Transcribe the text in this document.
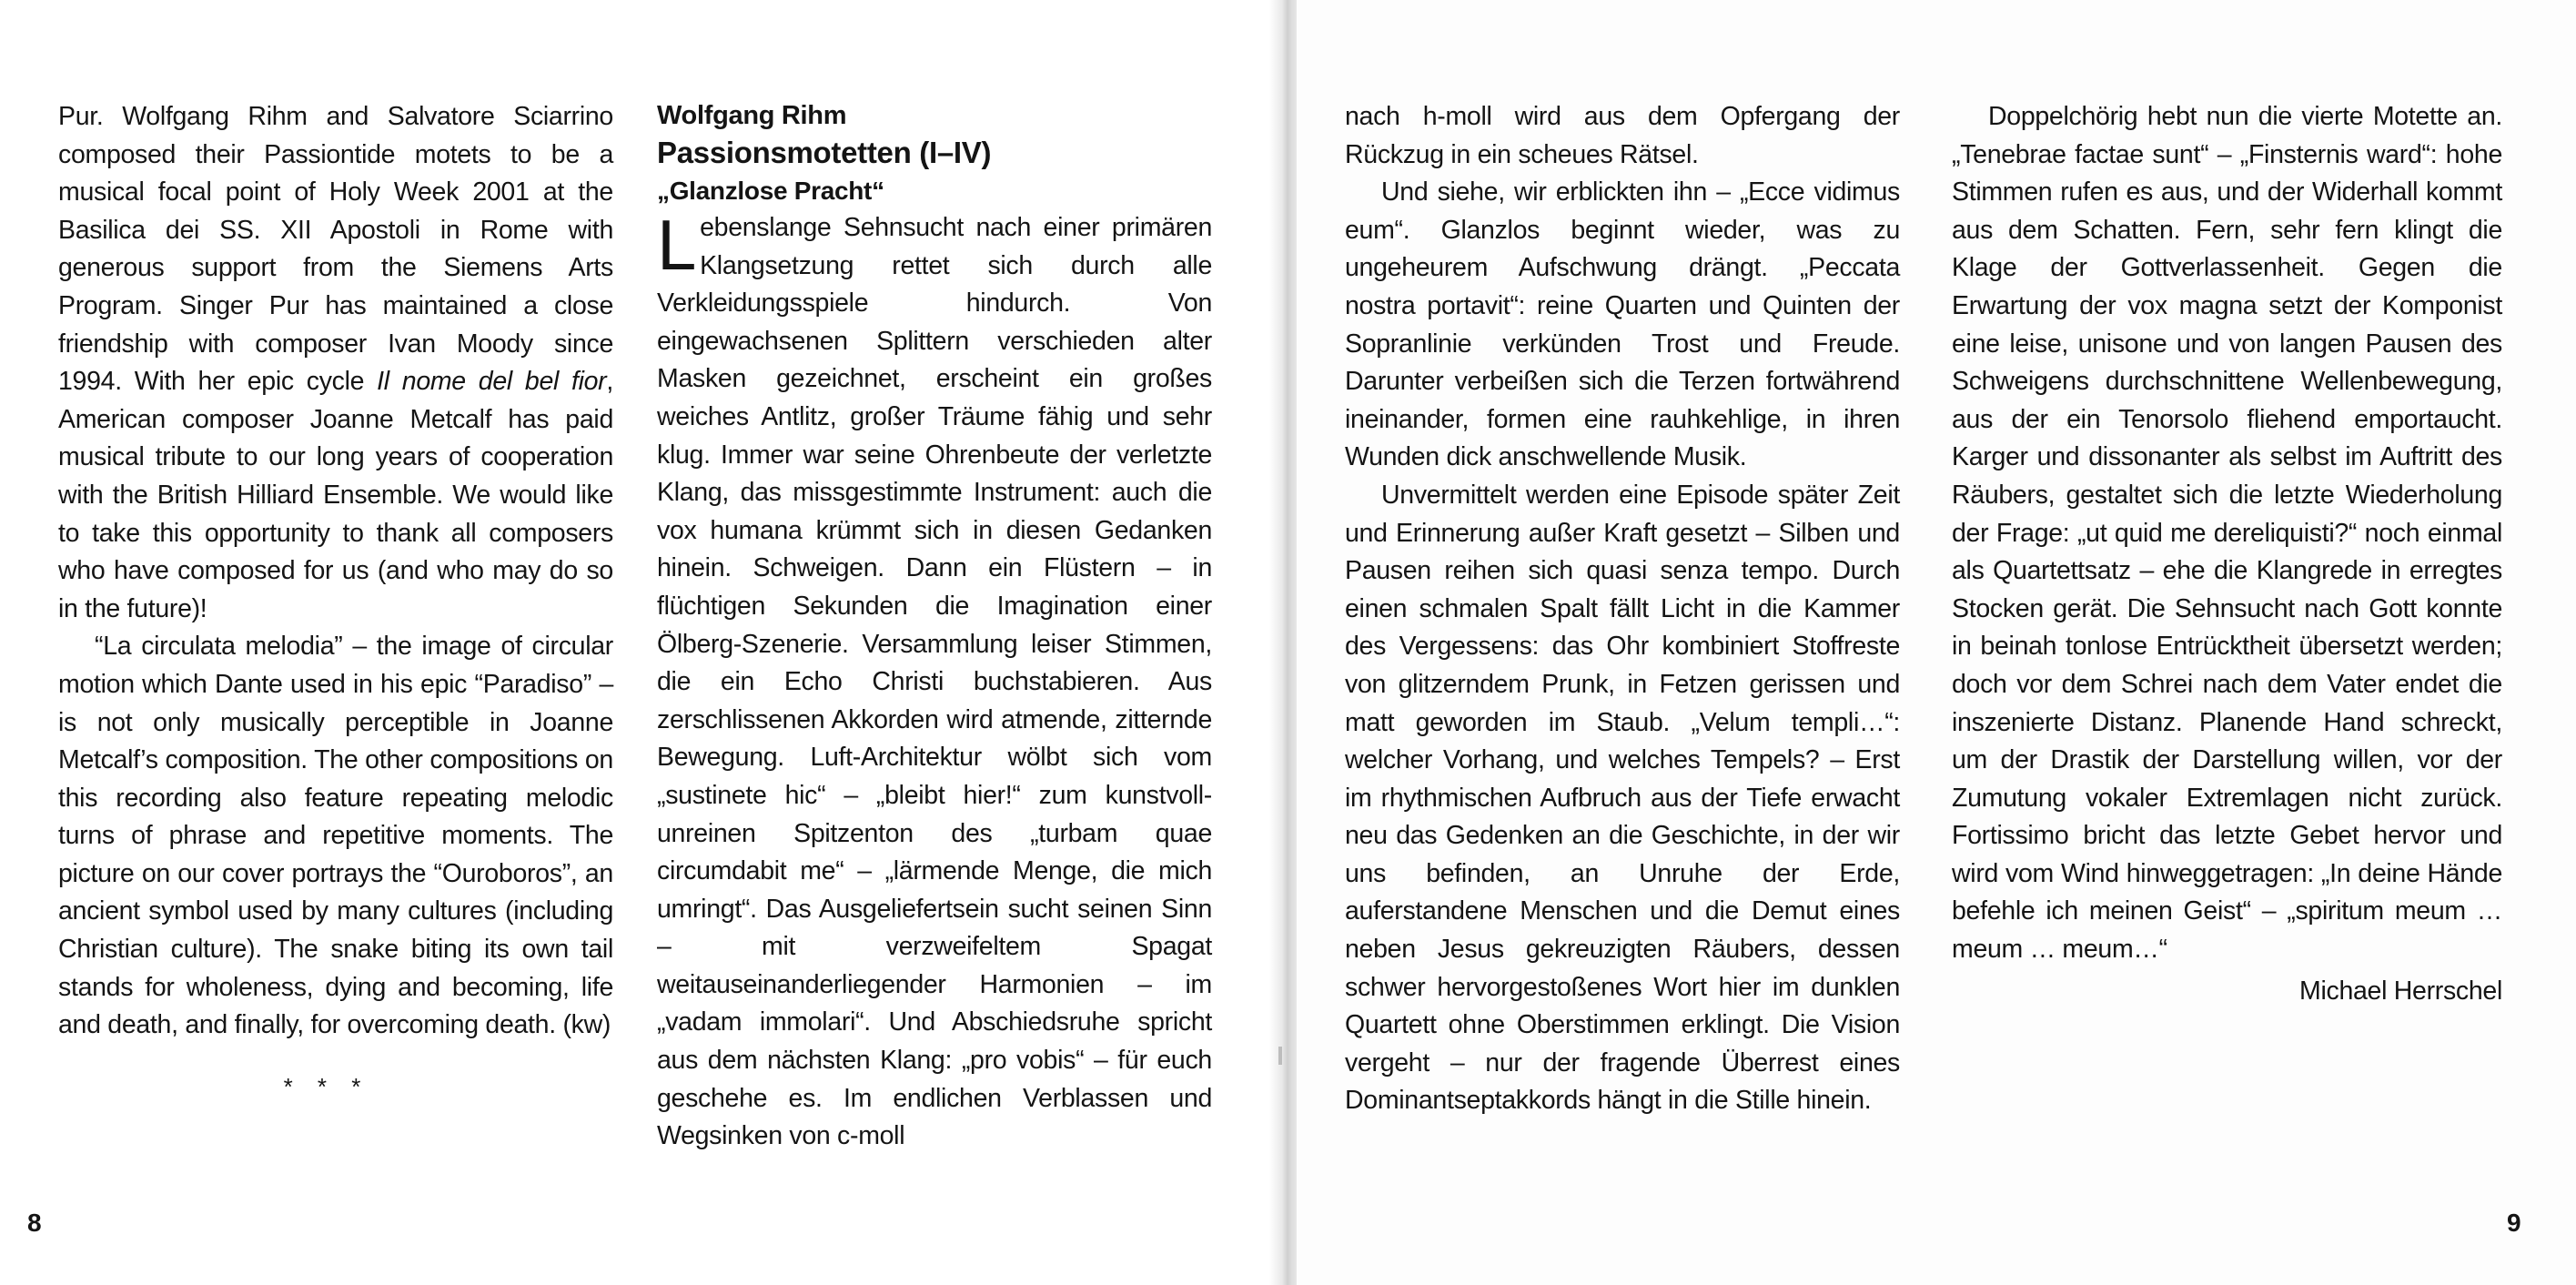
Pur. Wolfgang Rihm and Salvatore Sciarrino composed their Passiontide motets to be a musical focal point of Holy Week 2001 at the Basilica dei SS. XII Apostoli in Rome with generous support from the Siemens Arts Program. Singer Pur has maintained a close friendship with composer Ivan Moody since 1994. With her epic cycle Il nome del bel fior, American composer Joanne Metcalf has paid musical tribute to our long years of cooperation with the British Hilliard Ensemble. We would like to take this opportunity to thank all composers who have composed for us (and who may do so in the future)!

“La circulata melodia” – the image of circular motion which Dante used in his epic “Paradiso” – is not only musically perceptible in Joanne Metcalf’s composition. The other compositions on this recording also feature repeating melodic turns of phrase and repetitive moments. The picture on our cover portrays the “Ouroboros”, an ancient symbol used by many cultures (including Christian culture). The snake biting its own tail stands for wholeness, dying and becoming, life and death, and finally, for overcoming death. (kw)

* * *

Wolfgang Rihm

Passionsmotetten (I–IV)

„Glanzlose Pracht“

Lebenslange Sehnsucht nach einer primären Klangsetzung rettet sich durch alle Verkleidungsspiele hindurch. Von eingewachsenen Splittern verschieden alter Masken gezeichnet, erscheint ein großes weiches Antlitz, großer Träume fähig und sehr klug. Immer war seine Ohrenbeute der verletzte Klang, das missgestimmte Instrument: auch die vox humana krümmt sich in diesen Gedanken hinein. Schweigen. Dann ein Flüstern – in flüchtigen Sekunden die Imagination einer Ölberg-Szenerie. Versammlung leiser Stimmen, die ein Echo Christi buchstabieren. Aus zerschlissenen Akkorden wird atmende, zitternde Bewegung. Luft-Architektur wölbt sich vom „sustinete hic“ – „bleibt hier!“ zum kunstvoll-unreinen Spitzenton des „turbam quae circumdabit me“ – „lärmende Menge, die mich umringt“. Das Ausgeliefertsein sucht seinen Sinn – mit verzweifeltem Spagat weitauseinanderliegender Harmonien – im „vadam immolari“. Und Abschiedsruhe spricht aus dem nächsten Klang: „pro vobis“ – für euch geschehe es. Im endlichen Verblassen und Wegsinken von c-moll

8	9

nach h-moll wird aus dem Opfergang der Rückzug in ein scheues Rätsel.

Und siehe, wir erblickten ihn – „Ecce vidimus eum“. Glanzlos beginnt wieder, was zu ungeheurem Aufschwung drängt. „Peccata nostra portavit“: reine Quarten und Quinten der Sopranlinie verkünden Trost und Freude. Darunter verbeißen sich die Terzen fortwährend ineinander, formen eine rauhkehlige, in ihren Wunden dick anschwellende Musik.

Unvermittelt werden eine Episode später Zeit und Erinnerung außer Kraft gesetzt – Silben und Pausen reihen sich quasi senza tempo. Durch einen schmalen Spalt fällt Licht in die Kammer des Vergessens: das Ohr kombiniert Stoffreste von glitzerndem Prunk, in Fetzen gerissen und matt geworden im Staub. „Velum templi…“: welcher Vorhang, und welches Tempels? – Erst im rhythmischen Aufbruch aus der Tiefe erwacht neu das Gedenken an die Geschichte, in der wir uns befinden, an Unruhe der Erde, auferstandene Menschen und die Demut eines neben Jesus gekreuzigten Räubers, dessen schwer hervorgestoßenes Wort hier im dunklen Quartett ohne Oberstimmen erklingt. Die Vision vergeht – nur der fragende Überrest eines Dominantseptakkords hängt in die Stille hinein.

Doppelchörig hebt nun die vierte Motette an. „Tenebrae factae sunt“ – „Finsternis ward“: hohe Stimmen rufen es aus, und der Widerhall kommt aus dem Schatten. Fern, sehr fern klingt die Klage der Gottverlassenheit. Gegen die Erwartung der vox magna setzt der Komponist eine leise, unisone und von langen Pausen des Schweigens durchschnittene Wellenbewegung, aus der ein Tenorsolo fliehend emportaucht. Karger und dissonanter als selbst im Auftritt des Räubers, gestaltet sich die letzte Wiederholung der Frage: „ut quid me dereliquisti?“ noch einmal als Quartettsatz – ehe die Klangrede in erregtes Stocken gerät. Die Sehnsucht nach Gott konnte in beinah tonlose Entrücktheit übersetzt werden; doch vor dem Schrei nach dem Vater endet die inszenierte Distanz. Planende Hand schreckt, um der Drastik der Darstellung willen, vor der Zumutung vokaler Extremlagen nicht zurück. Fortissimo bricht das letzte Gebet hervor und wird vom Wind hinweggetragen: „In deine Hände befehle ich meinen Geist“ – „spiritum meum … meum … meum…“

Michael Herrschel
